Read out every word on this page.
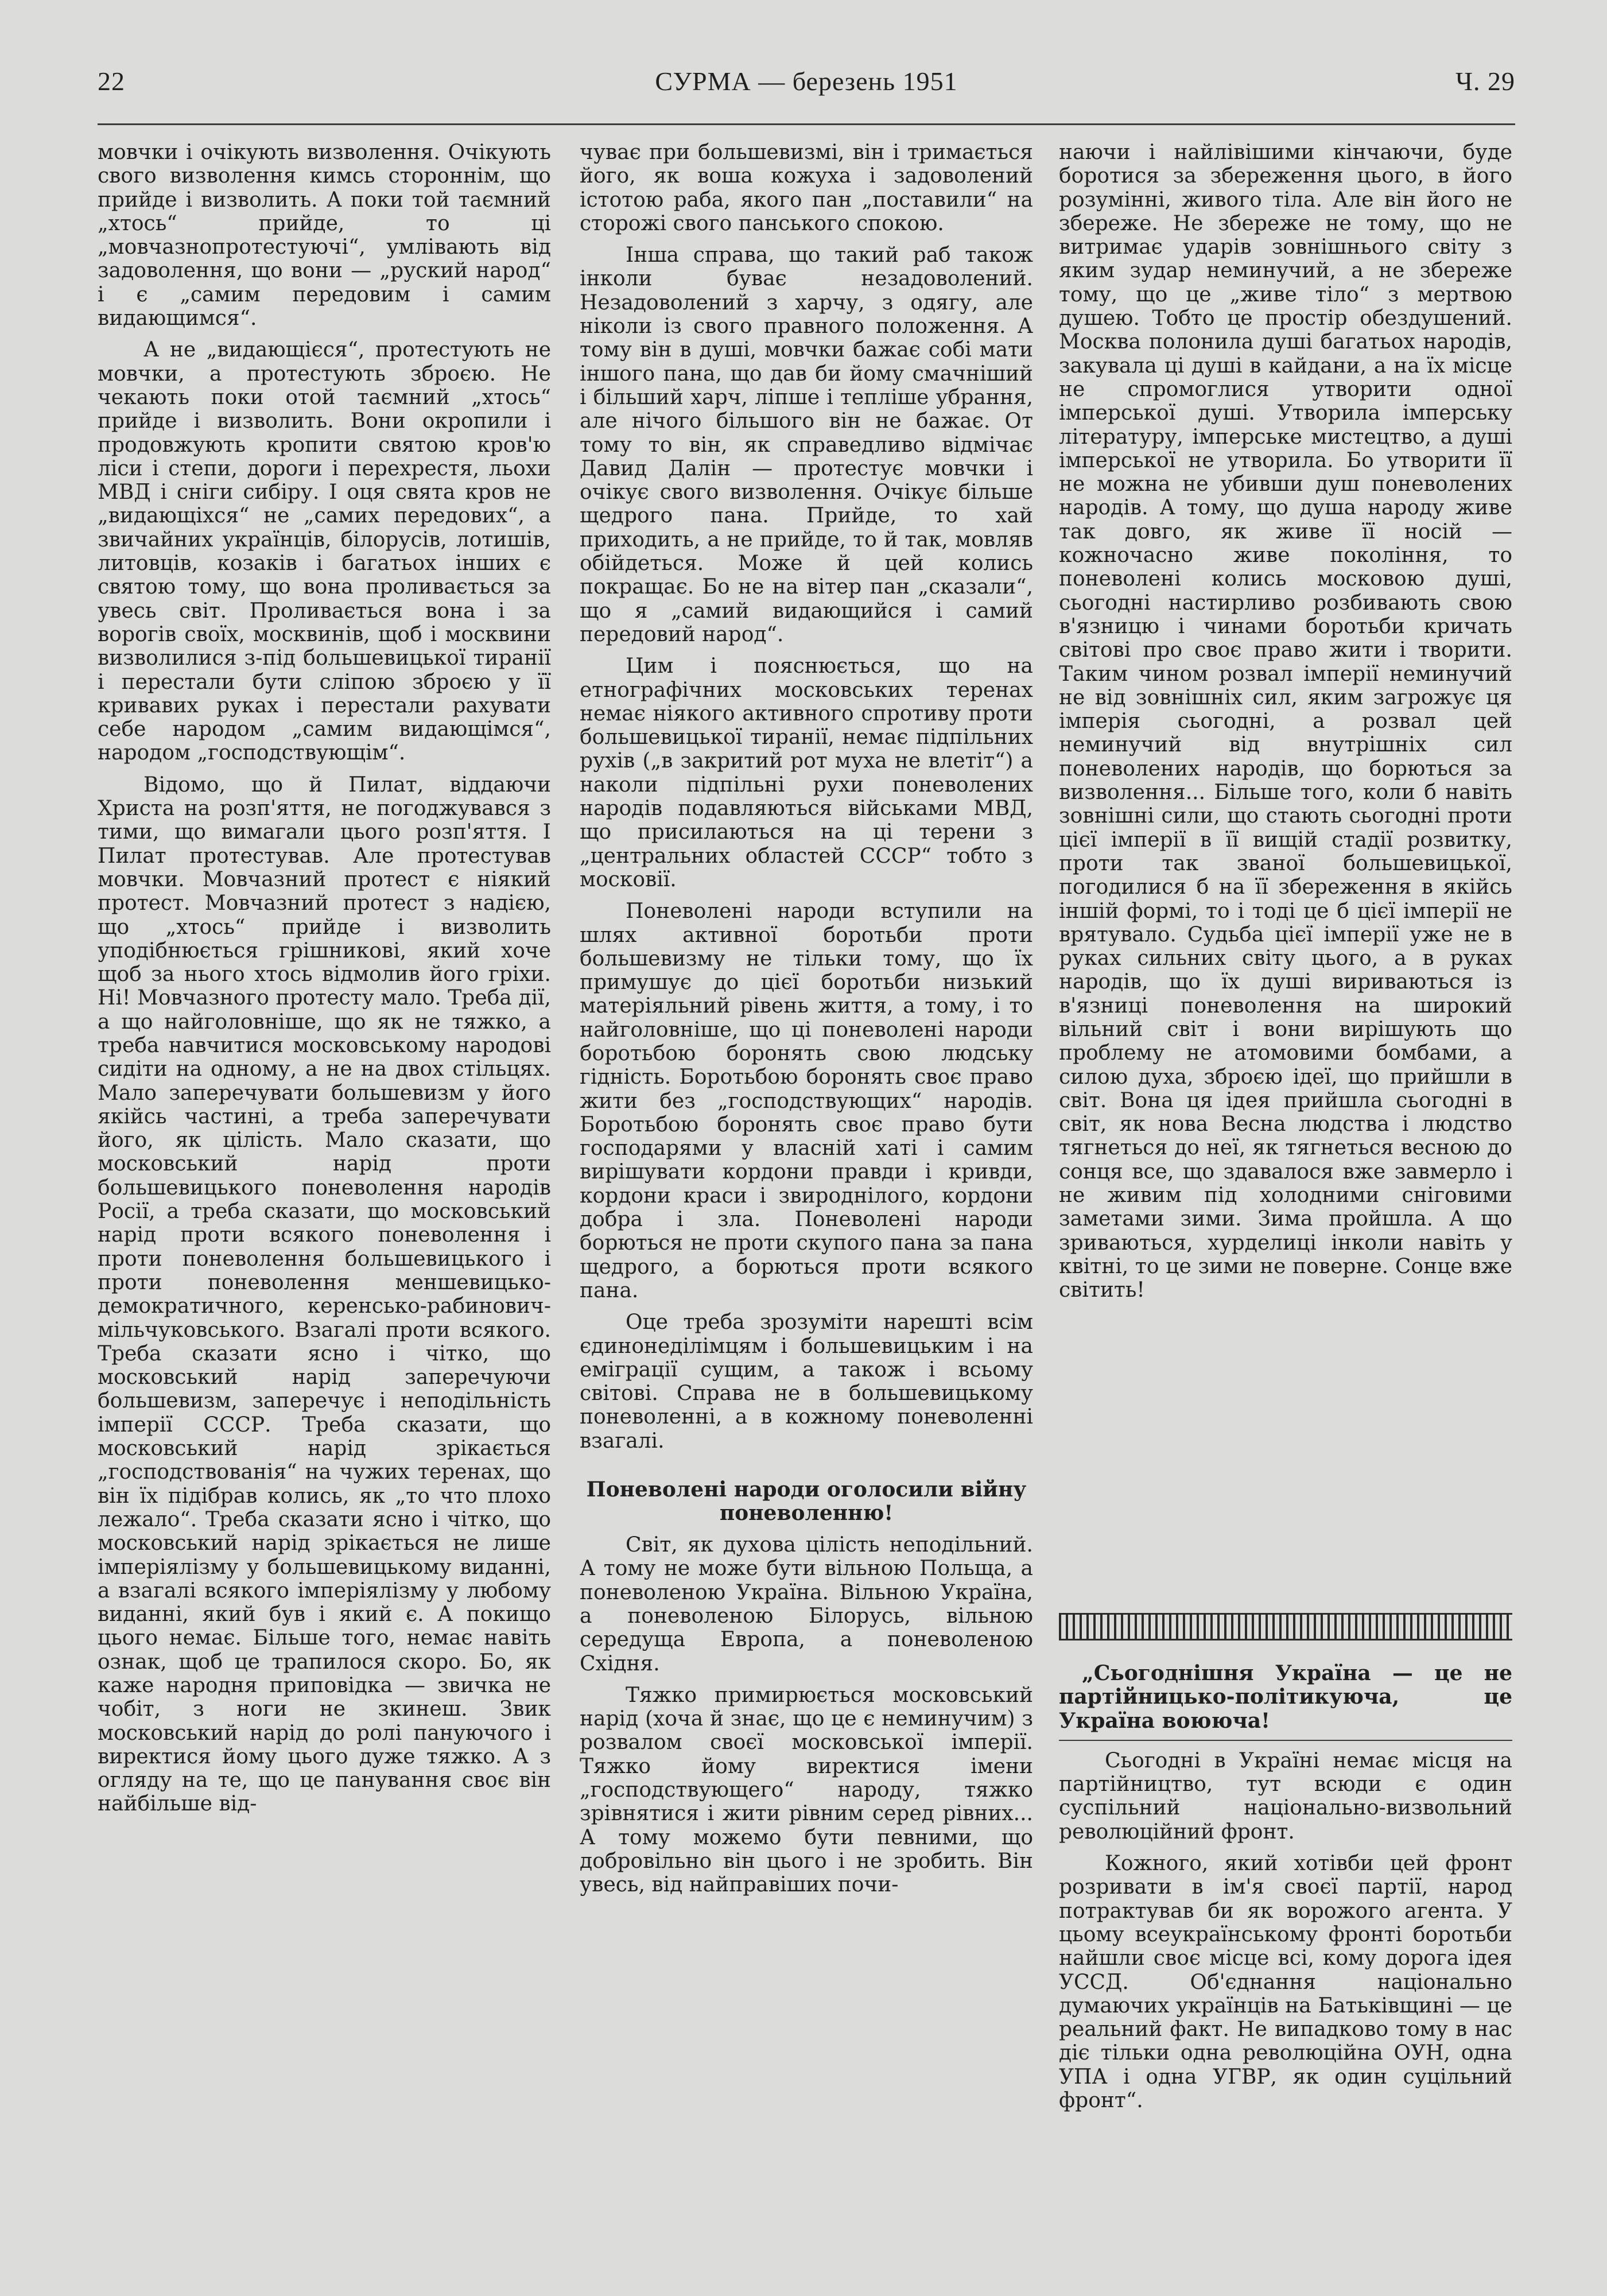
22	СУРМА — березень 1951	Ч. 29

мовчки і очікують визволення. Очікують свого визволення кимсь стороннім, що прийде і визволить. А поки той таємний „хтось“ прийде, то ці „мовчазнопротестуючі“, умлівають від задоволення, що вони — „руский народ“ і є „самим передовим і самим видающимся“.

А не „видающієся“, протестують не мовчки, а протестують зброєю. Не чекають поки отой таємний „хтось“ прийде і визволить. Вони окропили і продовжують кропити святою кров'ю ліси і степи, дороги і перехрестя, льохи МВД і сніги сибіру. І оця свята кров не „видающіхся“ не „самих передових“, а звичайних українців, білорусів, лотишів, литовців, козаків і багатьох інших є святою тому, що вона проливається за увесь світ. Проливається вона і за ворогів своїх, москвинів, щоб і москвини визволилися з-під большевицької тиранії і перестали бути сліпою зброєю у її кривавих руках і перестали рахувати себе народом „самим видающімся“, народом „господствующім“.

Відомо, що й Пилат, віддаючи Христа на розп'яття, не погоджувався з тими, що вимагали цього розп'яття. І Пилат протестував. Але протестував мовчки. Мовчазний протест є ніякий протест. Мовчазний протест з надією, що „хтось“ прийде і визволить уподібнюється грішникові, який хоче щоб за нього хтось відмолив його гріхи. Ні! Мовчазного протесту мало. Треба дії, а що найголовніше, що як не тяжко, а треба навчитися московському народові сидіти на одному, а не на двох стільцях. Мало заперечувати большевизм у його якійсь частині, а треба заперечувати його, як цілість. Мало сказати, що московський нарід проти большевицького поневолення народів Росії, а треба сказати, що московський нарід проти всякого поневолення і проти поневолення большевицького і проти поневолення меншевицько-демократичного, керенсько-рабинович-мільчуковського. Взагалі проти всякого. Треба сказати ясно і чітко, що московський нарід заперечуючи большевизм, заперечує і неподільність імперії СССР. Треба сказати, що московський нарід зрікається „господствованія“ на чужих теренах, що він їх підібрав колись, як „то что плохо лежало“. Треба сказати ясно і чітко, що московський нарід зрікається не лише імперіялізму у большевицькому виданні, а взагалі всякого імперіялізму у любому виданні, який був і який є. А покищо цього немає. Більше того, немає навіть ознак, щоб це трапилося скоро. Бо, як каже народня приповідка — звичка не чобіт, з ноги не зкинеш. Звик московський нарід до ролі пануючого і виректися йому цього дуже тяжко. А з огляду на те, що це панування своє він найбільше від-

чуває при большевизмі, він і тримається його, як воша кожуха і задоволений істотою раба, якого пан „поставили“ на сторожі свого панського спокою.

Інша справа, що такий раб також інколи буває незадоволений. Незадоволений з харчу, з одягу, але ніколи із свого правного положення. А тому він в душі, мовчки бажає собі мати іншого пана, що дав би йому смачніший і більший харч, ліпше і тепліше убрання, але нічого більшого він не бажає. От тому то він, як справедливо відмічає Давид Далін — протестує мовчки і очікує свого визволення. Очікує більше щедрого пана. Прийде, то хай приходить, а не прийде, то й так, мовляв обійдеться. Може й цей колись покращає. Бо не на вітер пан „сказали“, що я „самий видающийся і самий передовий народ“.

Цим і пояснюється, що на етнографічних московських теренах немає ніякого активного спротиву проти большевицької тиранії, немає підпільних рухів („в закритий рот муха не влетіт“) а наколи підпільні рухи поневолених народів подавляються військами МВД, що присилаються на ці терени з „центральних областей СССР“ тобто з московії.

Поневолені народи вступили на шлях активної боротьби проти большевизму не тільки тому, що їх примушує до цієї боротьби низький матеріяльний рівень життя, а тому, і то найголовніше, що ці поневолені народи боротьбою боронять свою людську гідність. Боротьбою боронять своє право жити без „господствующих“ народів. Боротьбою боронять своє право бути господарями у власній хаті і самим вирішувати кордони правди і кривди, кордони краси і звироднілого, кордони добра і зла. Поневолені народи борються не проти скупого пана за пана щедрого, а борються проти всякого пана.

Оце треба зрозуміти нарешті всім єдинонеділімцям і большевицьким і на еміграції сущим, а також і всьому світові. Справа не в большевицькому поневоленні, а в кожному поневоленні взагалі.

Поневолені народи оголосили війну поневоленню!

Світ, як духова цілість неподільний. А тому не може бути вільною Польща, а поневоленою Україна. Вільною Україна, а поневоленою Білорусь, вільною середуща Европа, а поневоленою Східня.

Тяжко примирюється московський нарід (хоча й знає, що це є неминучим) з розвалом своєї московської імперії. Тяжко йому виректися імени „господствующего“ народу, тяжко зрівнятися і жити рівним серед рівних... А тому можемо бути певними, що добровільно він цього і не зробить. Він увесь, від найправіших почи-

наючи і найлівішими кінчаючи, буде боротися за збереження цього, в його розумінні, живого тіла. Але він його не збереже. Не збереже не тому, що не витримає ударів зовнішнього світу з яким зудар неминучий, а не збереже тому, що це „живе тіло“ з мертвою душею. Тобто це простір обездушений. Москва полонила душі багатьох народів, закувала ці душі в кайдани, а на їх місце не спромоглися утворити одної імперської душі. Утворила імперську літературу, імперське мистецтво, а душі імперської не утворила. Бо утворити її не можна не убивши душ поневолених народів. А тому, що душа народу живе так довго, як живе її носій — кожночасно живе покоління, то поневолені колись московою душі, сьогодні настирливо розбивають свою в'язницю і чинами боротьби кричать світові про своє право жити і творити. Таким чином розвал імперії неминучий не від зовнішніх сил, яким загрожує ця імперія сьогодні, а розвал цей неминучий від внутрішніх сил поневолених народів, що борються за визволення... Більше того, коли б навіть зовнішні сили, що стають сьогодні проти цієї імперії в її вищій стадії розвитку, проти так званої большевицької, погодилися б на її збереження в якійсь іншій формі, то і тоді це б цієї імперії не врятувало. Судьба цієї імперії уже не в руках сильних світу цього, а в руках народів, що їх душі вириваються із в'язниці поневолення на широкий вільний світ і вони вирішують що проблему не атомовими бомбами, а силою духа, зброєю ідеї, що прийшли в світ. Вона ця ідея прийшла сьогодні в світ, як нова Весна людства і людство тягнеться до неї, як тягнеться весною до сонця все, що здавалося вже завмерло і не живим під холодними сніговими заметами зими. Зима пройшла. А що зриваються, хурделиці інколи навіть у квітні, то це зими не поверне. Сонце вже світить!

„Сьогоднішня Україна — це не партійницько-політикуюча, це Україна воююча!

Сьогодні в Україні немає місця на партійництво, тут всюди є один суспільний національно-визвольний революційний фронт.

Кожного, який хотівби цей фронт розривати в ім'я своєї партії, народ потрактував би як ворожого агента. У цьому всеукраїнському фронті боротьби найшли своє місце всі, кому дорога ідея УССД. Об'єднання національно думаючих українців на Батьківщині — це реальний факт. Не випадково тому в нас діє тільки одна революційна ОУН, одна УПА і одна УГВР, як один суцільний фронт“.
